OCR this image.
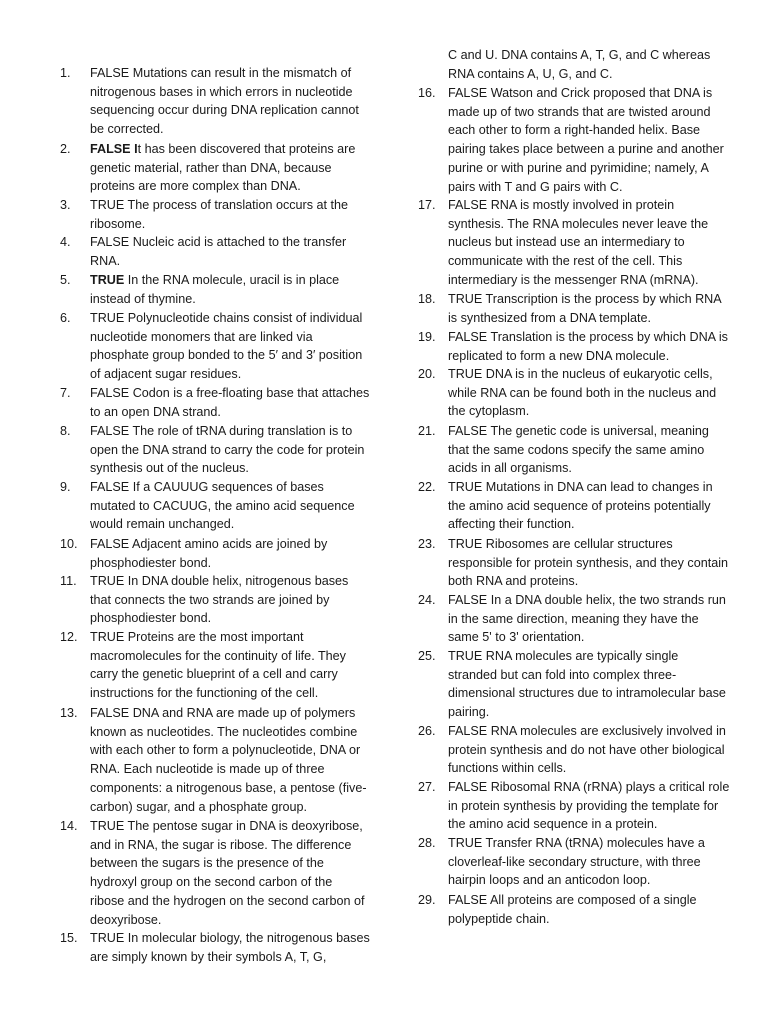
1.	FALSE Mutations can result in the mismatch of nitrogenous bases in which errors in nucleotide sequencing occur during DNA replication cannot be corrected.
2.	FALSE It has been discovered that proteins are genetic material, rather than DNA, because proteins are more complex than DNA.
3.	TRUE The process of translation occurs at the ribosome.
4.	FALSE Nucleic acid is attached to the transfer RNA.
5.	TRUE In the RNA molecule, uracil is in place instead of thymine.
6.	TRUE Polynucleotide chains consist of individual nucleotide monomers that are linked via phosphate group bonded to the 5′ and 3′ position of adjacent sugar residues.
7.	FALSE Codon is a free-floating base that attaches to an open DNA strand.
8.	FALSE The role of tRNA during translation is to open the DNA strand to carry the code for protein synthesis out of the nucleus.
9.	FALSE If a CAUUUG sequences of bases mutated to CACUUG, the amino acid sequence would remain unchanged.
10. FALSE Adjacent amino acids are joined by phosphodiester bond.
11.	TRUE In DNA double helix, nitrogenous bases that connects the two strands are joined by phosphodiester bond.
12. TRUE Proteins are the most important macromolecules for the continuity of life. They carry the genetic blueprint of a cell and carry instructions for the functioning of the cell.
13. FALSE DNA and RNA are made up of polymers known as nucleotides. The nucleotides combine with each other to form a polynucleotide, DNA or RNA. Each nucleotide is made up of three components: a nitrogenous base, a pentose (five-carbon) sugar, and a phosphate group.
14. TRUE The pentose sugar in DNA is deoxyribose, and in RNA, the sugar is ribose. The difference between the sugars is the presence of the hydroxyl group on the second carbon of the ribose and the hydrogen on the second carbon of deoxyribose.
15. TRUE In molecular biology, the nitrogenous bases are simply known by their symbols A, T, G,
C and U. DNA contains A, T, G, and C whereas RNA contains A, U, G, and C.
16. FALSE Watson and Crick proposed that DNA is made up of two strands that are twisted around each other to form a right-handed helix. Base pairing takes place between a purine and another purine or with purine and pyrimidine; namely, A pairs with T and G pairs with C.
17. FALSE RNA is mostly involved in protein synthesis. The RNA molecules never leave the nucleus but instead use an intermediary to communicate with the rest of the cell. This intermediary is the messenger RNA (mRNA).
18. TRUE Transcription is the process by which RNA is synthesized from a DNA template.
19. FALSE Translation is the process by which DNA is replicated to form a new DNA molecule.
20. TRUE DNA is in the nucleus of eukaryotic cells, while RNA can be found both in the nucleus and the cytoplasm.
21. FALSE The genetic code is universal, meaning that the same codons specify the same amino acids in all organisms.
22. TRUE Mutations in DNA can lead to changes in the amino acid sequence of proteins potentially affecting their function.
23. TRUE Ribosomes are cellular structures responsible for protein synthesis, and they contain both RNA and proteins.
24. FALSE In a DNA double helix, the two strands run in the same direction, meaning they have the same 5' to 3' orientation.
25. TRUE RNA molecules are typically single stranded but can fold into complex three-dimensional structures due to intramolecular base pairing.
26. FALSE RNA molecules are exclusively involved in protein synthesis and do not have other biological functions within cells.
27. FALSE Ribosomal RNA (rRNA) plays a critical role in protein synthesis by providing the template for the amino acid sequence in a protein.
28. TRUE Transfer RNA (tRNA) molecules have a cloverleaf-like secondary structure, with three hairpin loops and an anticodon loop.
29. FALSE All proteins are composed of a single polypeptide chain.
